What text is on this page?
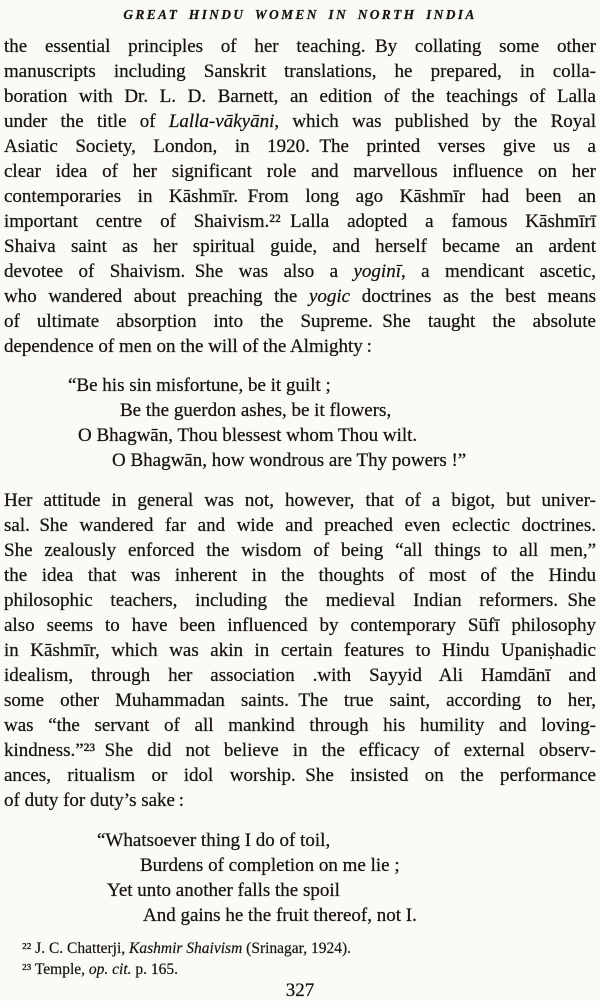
GREAT HINDU WOMEN IN NORTH INDIA
the essential principles of her teaching. By collating some other
manuscripts including Sanskrit translations, he prepared, in colla-
boration with Dr. L. D. Barnett, an edition of the teachings of Lalla
under the title of Lalla-vākyāni, which was published by the Royal
Asiatic Society, London, in 1920. The printed verses give us a
clear idea of her significant role and marvellous influence on her
contemporaries in Kāshmīr. From long ago Kāshmīr had been an
important centre of Shaivism.²² Lalla adopted a famous Kāshmīrī
Shaiva saint as her spiritual guide, and herself became an ardent
devotee of Shaivism. She was also a yoginī, a mendicant ascetic,
who wandered about preaching the yogic doctrines as the best means
of ultimate absorption into the Supreme. She taught the absolute
dependence of men on the will of the Almighty :
“Be his sin misfortune, be it guilt ;
Be the guerdon ashes, be it flowers,
O Bhagwān, Thou blessest whom Thou wilt.
O Bhagwān, how wondrous are Thy powers !”
Her attitude in general was not, however, that of a bigot, but univer-
sal. She wandered far and wide and preached even eclectic doctrines.
She zealously enforced the wisdom of being “all things to all men,”
the idea that was inherent in the thoughts of most of the Hindu
philosophic teachers, including the medieval Indian reformers. She
also seems to have been influenced by contemporary Sūfī philosophy
in Kāshmīr, which was akin in certain features to Hindu Upaniṣhadic
idealism, through her association .with Sayyid Ali Hamdānī and
some other Muhammadan saints. The true saint, according to her,
was “the servant of all mankind through his humility and loving-
kindness.”²³ She did not believe in the efficacy of external observ-
ances, ritualism or idol worship. She insisted on the performance
of duty for duty’s sake :
“Whatsoever thing I do of toil,
Burdens of completion on me lie ;
Yet unto another falls the spoil
And gains he the fruit thereof, not I.
²² J. C. Chatterji, Kashmir Shaivism (Srinagar, 1924).
²³ Temple, op. cit. p. 165.
327
